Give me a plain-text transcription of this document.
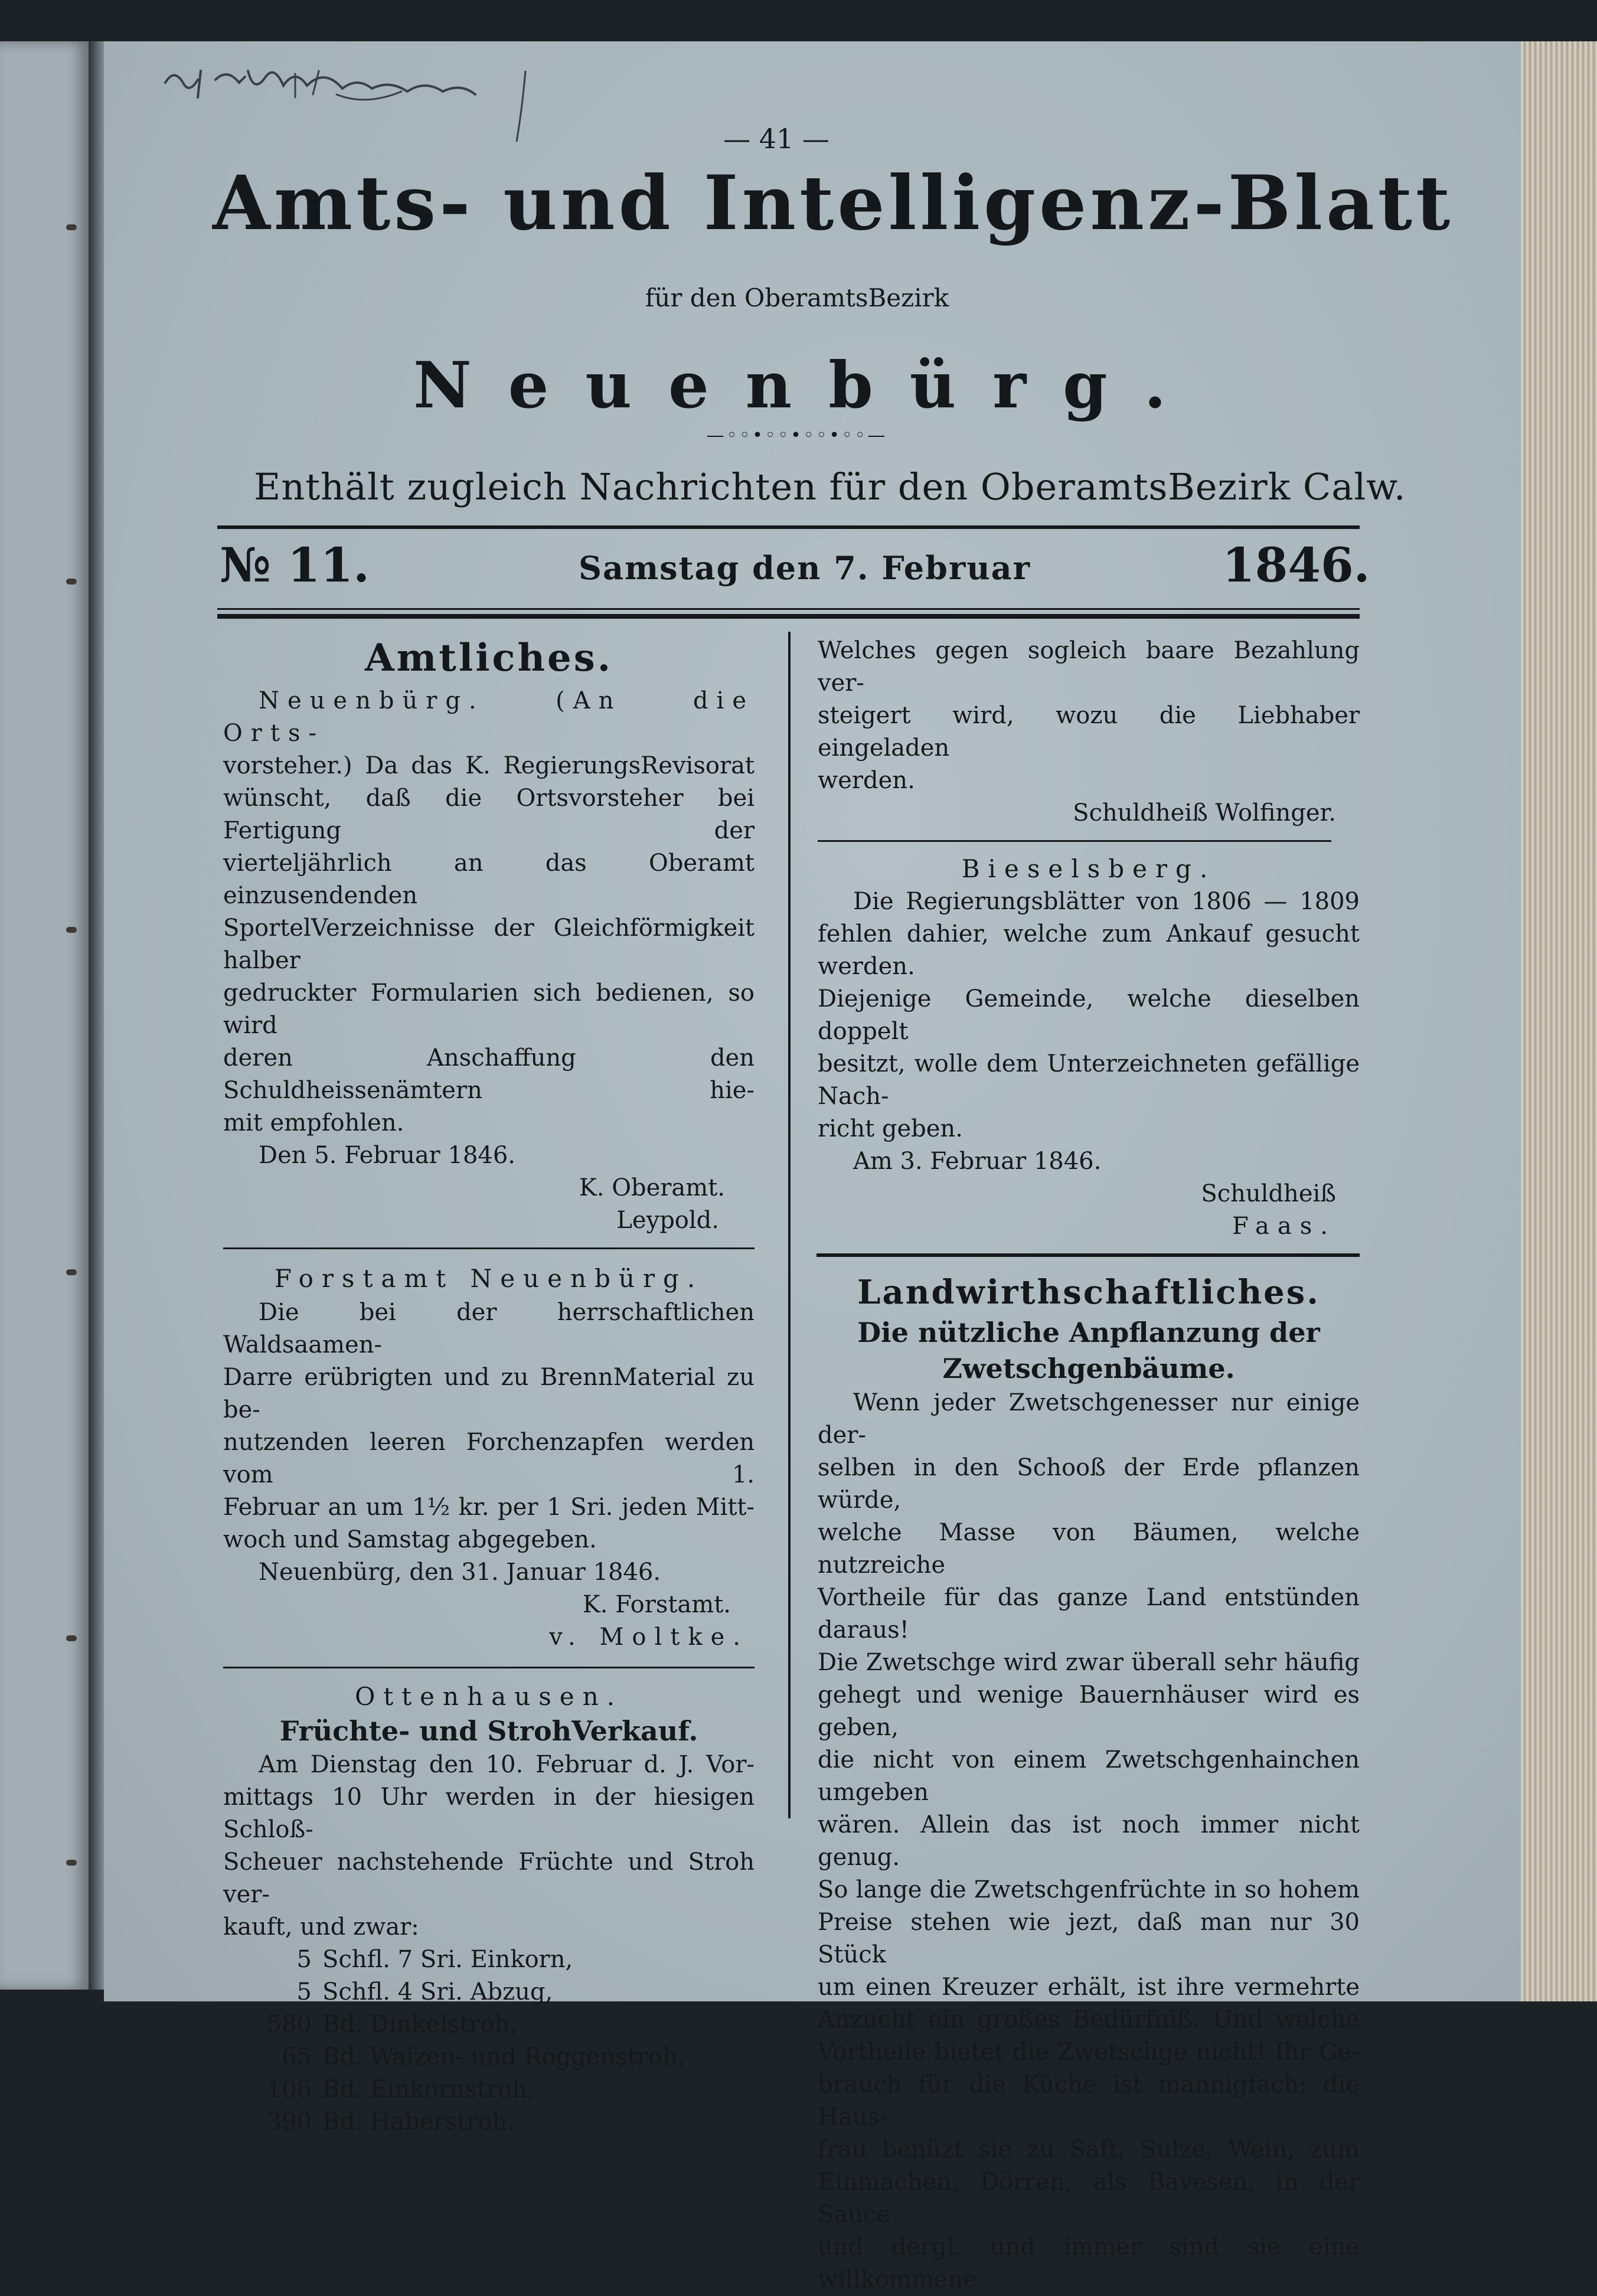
— 41 —
Amts- und Intelligenz-Blatt
für den OberamtsBezirk
Neuenbürg.
—◦◦•◦◦•◦◦•◦◦—
Enthält zugleich Nachrichten für den OberamtsBezirk Calw.
№ 11.	Samstag den 7. Februar	1846.

Amtliches.

Neuenbürg. (An die Orts-

vorsteher.) Da das K. RegierungsRevisorat

wünscht, daß die Ortsvorsteher bei Fertigung der

vierteljährlich an das Oberamt einzusendenden

SportelVerzeichnisse der Gleichförmigkeit halber

gedruckter Formularien sich bedienen, so wird

deren Anschaffung den Schuldheissenämtern hie-

mit empfohlen.

Den 5. Februar 1846.

K. Oberamt.

Leypold.

Forstamt Neuenbürg.

Die bei der herrschaftlichen Waldsaamen-

Darre erübrigten und zu BrennMaterial zu be-

nutzenden leeren Forchenzapfen werden vom 1.

Februar an um 1½ kr. per 1 Sri. jeden Mitt-

woch und Samstag abgegeben.

Neuenbürg, den 31. Januar 1846.

K. Forstamt.

v. Moltke.

Ottenhausen.

Früchte- und StrohVerkauf.

Am Dienstag den 10. Februar d. J. Vor-

mittags 10 Uhr werden in der hiesigen Schloß-

Scheuer nachstehende Früchte und Stroh ver-

kauft, und zwar:

5 Schfl. 7 Sri. Einkorn,
5 Schfl. 4 Sri. Abzug,
580 Bd. Dinkelstroh,
65 Bd. Waizen- und Roggenstroh,
106 Bd. Einkornstroh,
390 Bd. Haberstroh.

Welches gegen sogleich baare Bezahlung ver-

steigert wird, wozu die Liebhaber eingeladen

werden.

Schuldheiß Wolfinger.

Bieselsberg.

Die Regierungsblätter von 1806 — 1809

fehlen dahier, welche zum Ankauf gesucht werden.

Diejenige Gemeinde, welche dieselben doppelt

besitzt, wolle dem Unterzeichneten gefällige Nach-

richt geben.

Am 3. Februar 1846.

Schuldheiß

Faas.

Landwirthschaftliches.

Die nützliche Anpflanzung der

Zwetschgenbäume.

Wenn jeder Zwetschgenesser nur einige der-

selben in den Schooß der Erde pflanzen würde,

welche Masse von Bäumen, welche nutzreiche

Vortheile für das ganze Land entstünden daraus!

Die Zwetschge wird zwar überall sehr häufig

gehegt und wenige Bauernhäuser wird es geben,

die nicht von einem Zwetschgenhainchen umgeben

wären. Allein das ist noch immer nicht genug.

So lange die Zwetschgenfrüchte in so hohem

Preise stehen wie jezt, daß man nur 30 Stück

um einen Kreuzer erhält, ist ihre vermehrte

Anzucht ein großes Bedürfniß. Und welche

Vortheile bietet die Zwetschge nicht! Ihr Ge-

brauch für die Küche ist mannigfach; die Haus-

frau benüzt sie zu Saft, Sulze, Wein, zum

Einmachen, Dörren, als Bavesen, in der Sauce

und dergl. und immer sind sie eine willkommene
